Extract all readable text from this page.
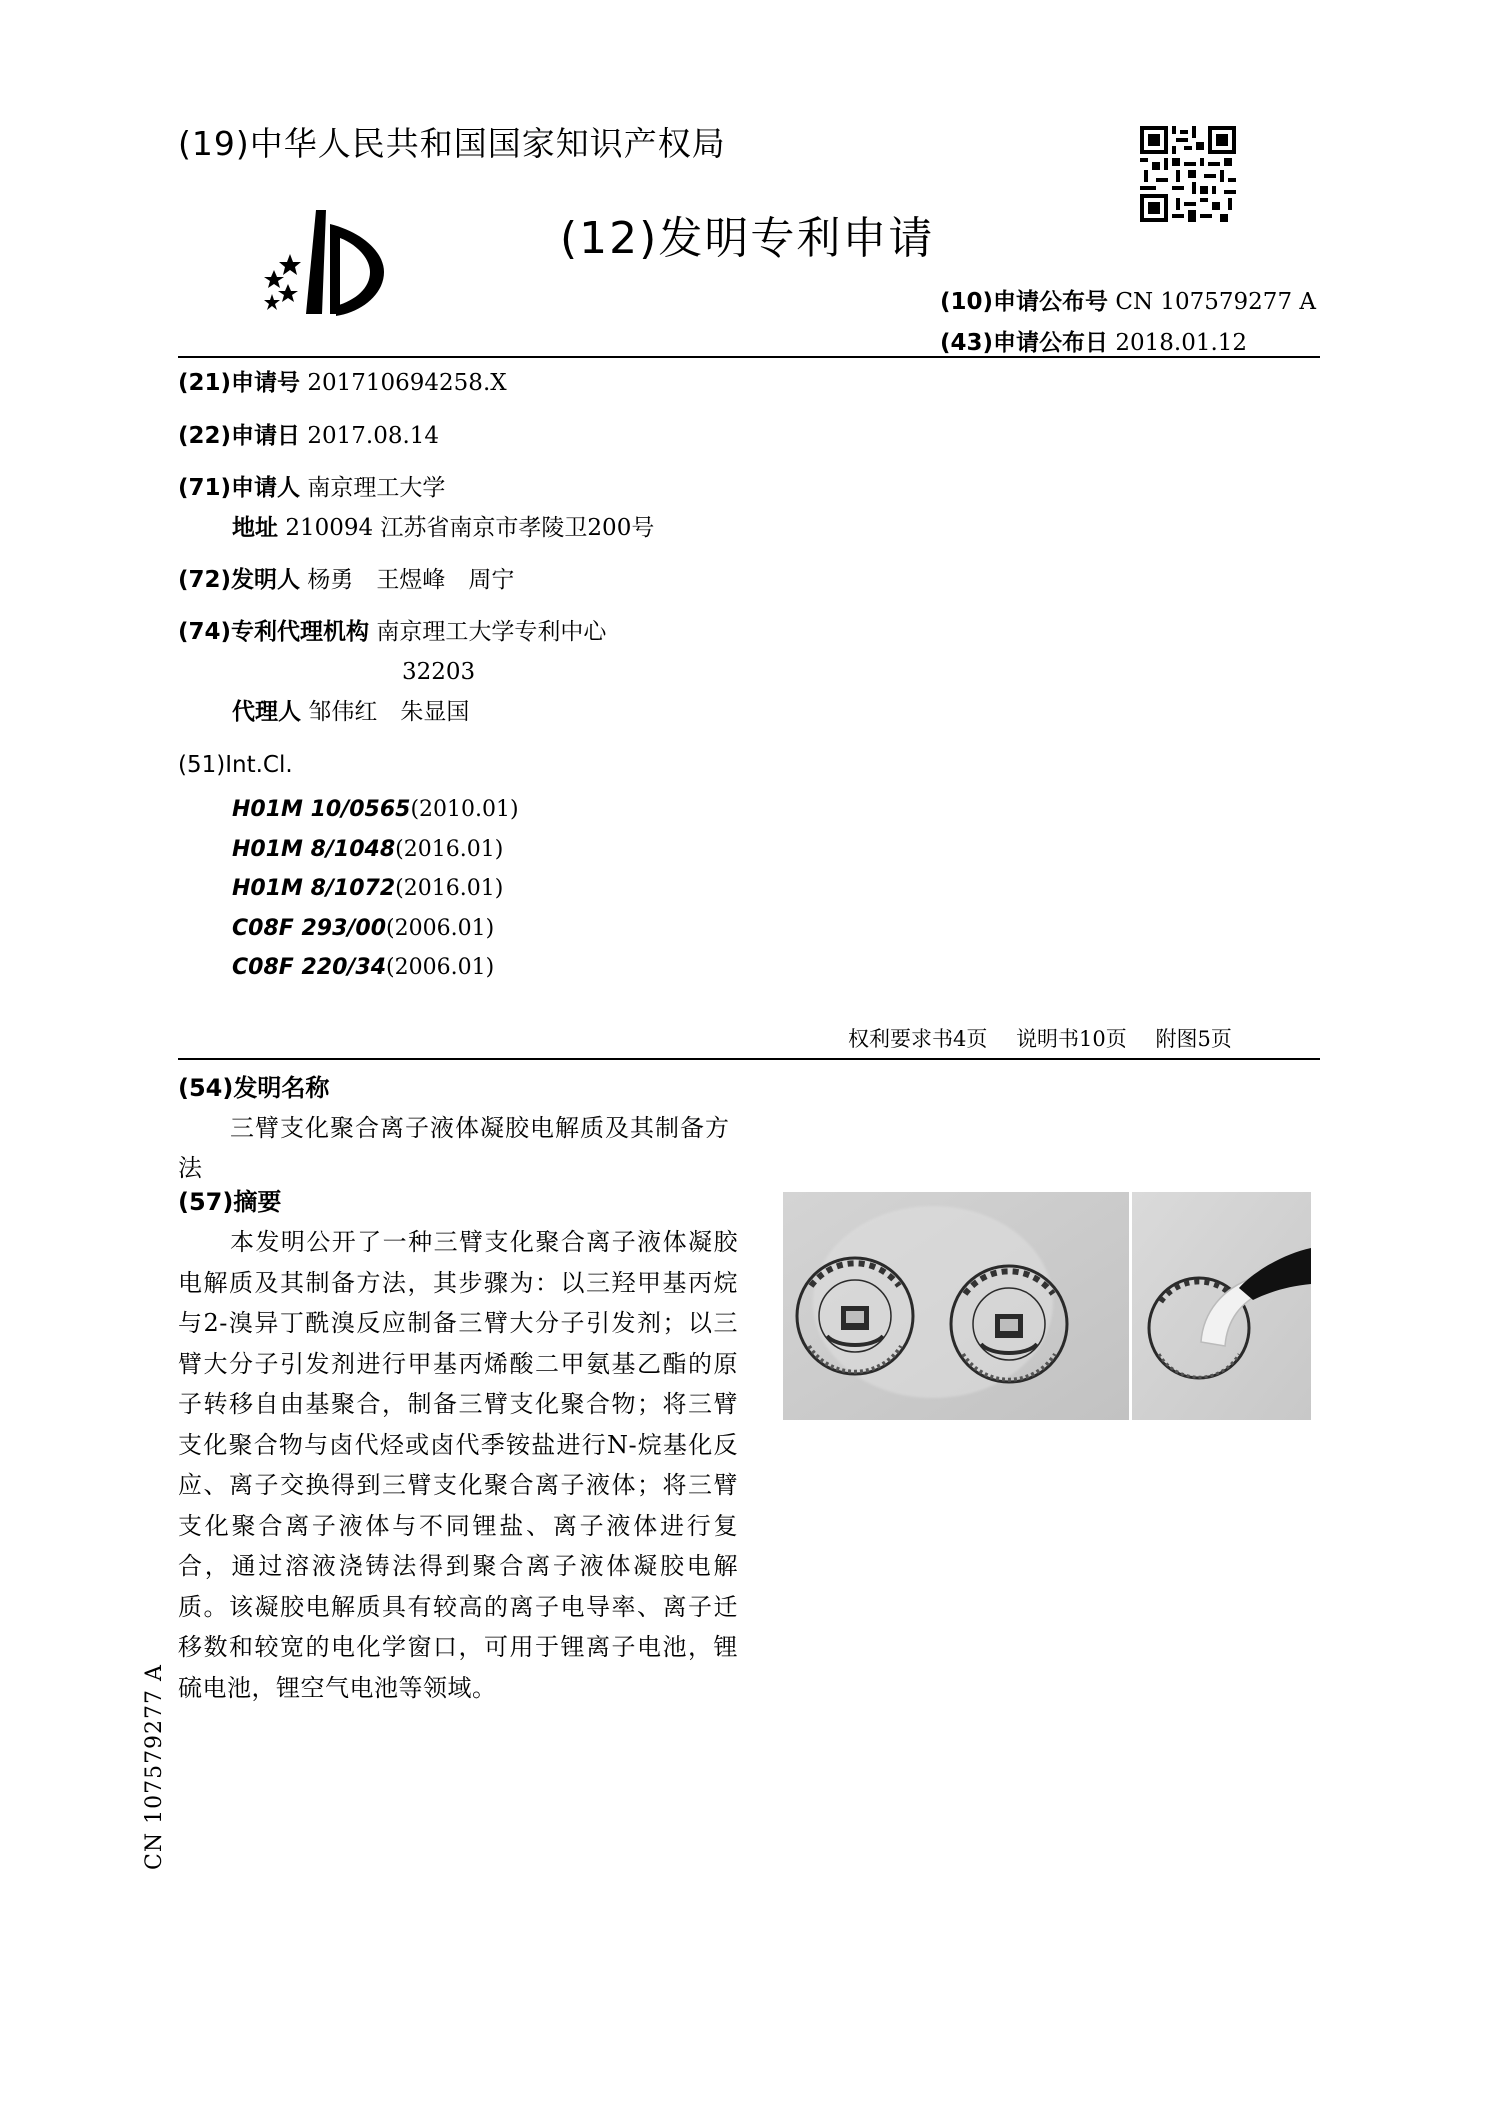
(19)中华人民共和国国家知识产权局
(12)发明专利申请
(10)申请公布号 CN 107579277 A
(43)申请公布日 2018.01.12
(21)申请号 201710694258.X
(22)申请日 2017.08.14
(71)申请人 南京理工大学
地址 210094 江苏省南京市孝陵卫200号
(72)发明人 杨勇　王煜峰　周宁
(74)专利代理机构 南京理工大学专利中心
32203
代理人 邹伟红　朱显国
(51)Int.Cl.
H01M 10/0565(2010.01)
H01M 8/1048(2016.01)
H01M 8/1072(2016.01)
C08F 293/00(2006.01)
C08F 220/34(2006.01)
权利要求书4页 说明书10页 附图5页
(54)发明名称
三臂支化聚合离子液体凝胶电解质及其制备方法
(57)摘要
本发明公开了一种三臂支化聚合离子液体凝胶电解质及其制备方法，其步骤为：以三羟甲基丙烷与2-溴异丁酰溴反应制备三臂大分子引发剂；以三臂大分子引发剂进行甲基丙烯酸二甲氨基乙酯的原子转移自由基聚合，制备三臂支化聚合物；将三臂支化聚合物与卤代烃或卤代季铵盐进行N-烷基化反应、离子交换得到三臂支化聚合离子液体；将三臂支化聚合离子液体与不同锂盐、离子液体进行复合，通过溶液浇铸法得到聚合离子液体凝胶电解质。该凝胶电解质具有较高的离子电导率、离子迁移数和较宽的电化学窗口，可用于锂离子电池，锂硫电池，锂空气电池等领域。
CN 107579277 A
